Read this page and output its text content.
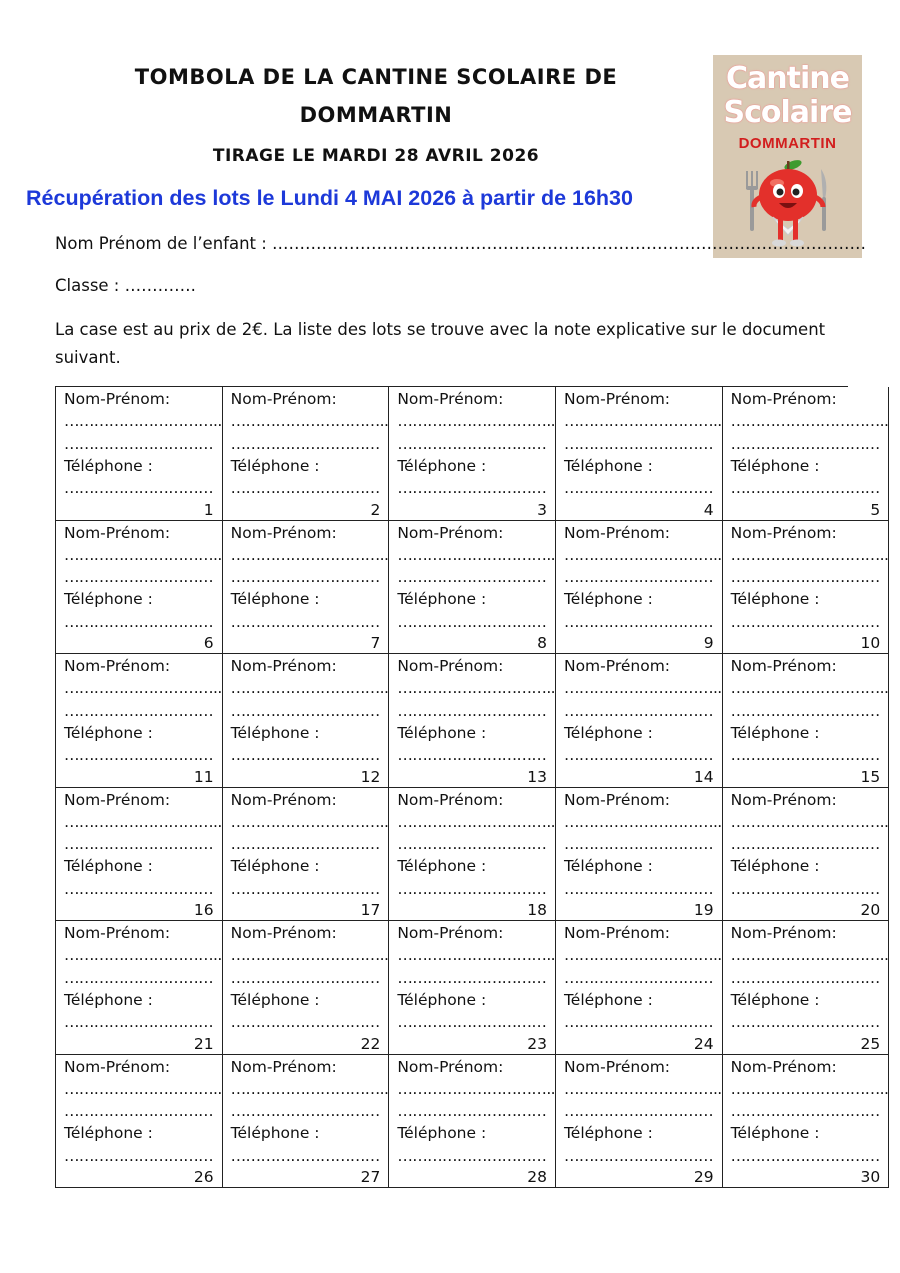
TOMBOLA DE LA CANTINE SCOLAIRE DE
DOMMARTIN
TIRAGE LE MARDI 28 AVRIL 2026
Récupération des lots le Lundi 4 MAI 2026 à partir de 16h30
Cantine
Scolaire
DOMMARTIN
Nom Prénom de l’enfant : ………………………………………………………………………………………………
Classe : ………….
La case est au prix de 2€. La liste des lots se trouve avec la note explicative sur le document suivant.
Nom-Prénom:
…………………………..
…………………………
Téléphone :
…………………………
1
Nom-Prénom:
…………………………..
…………………………
Téléphone :
…………………………
2
Nom-Prénom:
…………………………..
…………………………
Téléphone :
…………………………
3
Nom-Prénom:
…………………………..
…………………………
Téléphone :
…………………………
4
Nom-Prénom:
…………………………..
…………………………
Téléphone :
…………………………
5
Nom-Prénom:
…………………………..
…………………………
Téléphone :
…………………………
6
Nom-Prénom:
…………………………..
…………………………
Téléphone :
…………………………
7
Nom-Prénom:
…………………………..
…………………………
Téléphone :
…………………………
8
Nom-Prénom:
…………………………..
…………………………
Téléphone :
…………………………
9
Nom-Prénom:
…………………………..
…………………………
Téléphone :
…………………………
10
Nom-Prénom:
…………………………..
…………………………
Téléphone :
…………………………
11
Nom-Prénom:
…………………………..
…………………………
Téléphone :
…………………………
12
Nom-Prénom:
…………………………..
…………………………
Téléphone :
…………………………
13
Nom-Prénom:
…………………………..
…………………………
Téléphone :
…………………………
14
Nom-Prénom:
…………………………..
…………………………
Téléphone :
…………………………
15
Nom-Prénom:
…………………………..
…………………………
Téléphone :
…………………………
16
Nom-Prénom:
…………………………..
…………………………
Téléphone :
…………………………
17
Nom-Prénom:
…………………………..
…………………………
Téléphone :
…………………………
18
Nom-Prénom:
…………………………..
…………………………
Téléphone :
…………………………
19
Nom-Prénom:
…………………………..
…………………………
Téléphone :
…………………………
20
Nom-Prénom:
…………………………..
…………………………
Téléphone :
…………………………
21
Nom-Prénom:
…………………………..
…………………………
Téléphone :
…………………………
22
Nom-Prénom:
…………………………..
…………………………
Téléphone :
…………………………
23
Nom-Prénom:
…………………………..
…………………………
Téléphone :
…………………………
24
Nom-Prénom:
…………………………..
…………………………
Téléphone :
…………………………
25
Nom-Prénom:
…………………………..
…………………………
Téléphone :
…………………………
26
Nom-Prénom:
…………………………..
…………………………
Téléphone :
…………………………
27
Nom-Prénom:
…………………………..
…………………………
Téléphone :
…………………………
28
Nom-Prénom:
…………………………..
…………………………
Téléphone :
…………………………
29
Nom-Prénom:
…………………………..
…………………………
Téléphone :
…………………………
30
